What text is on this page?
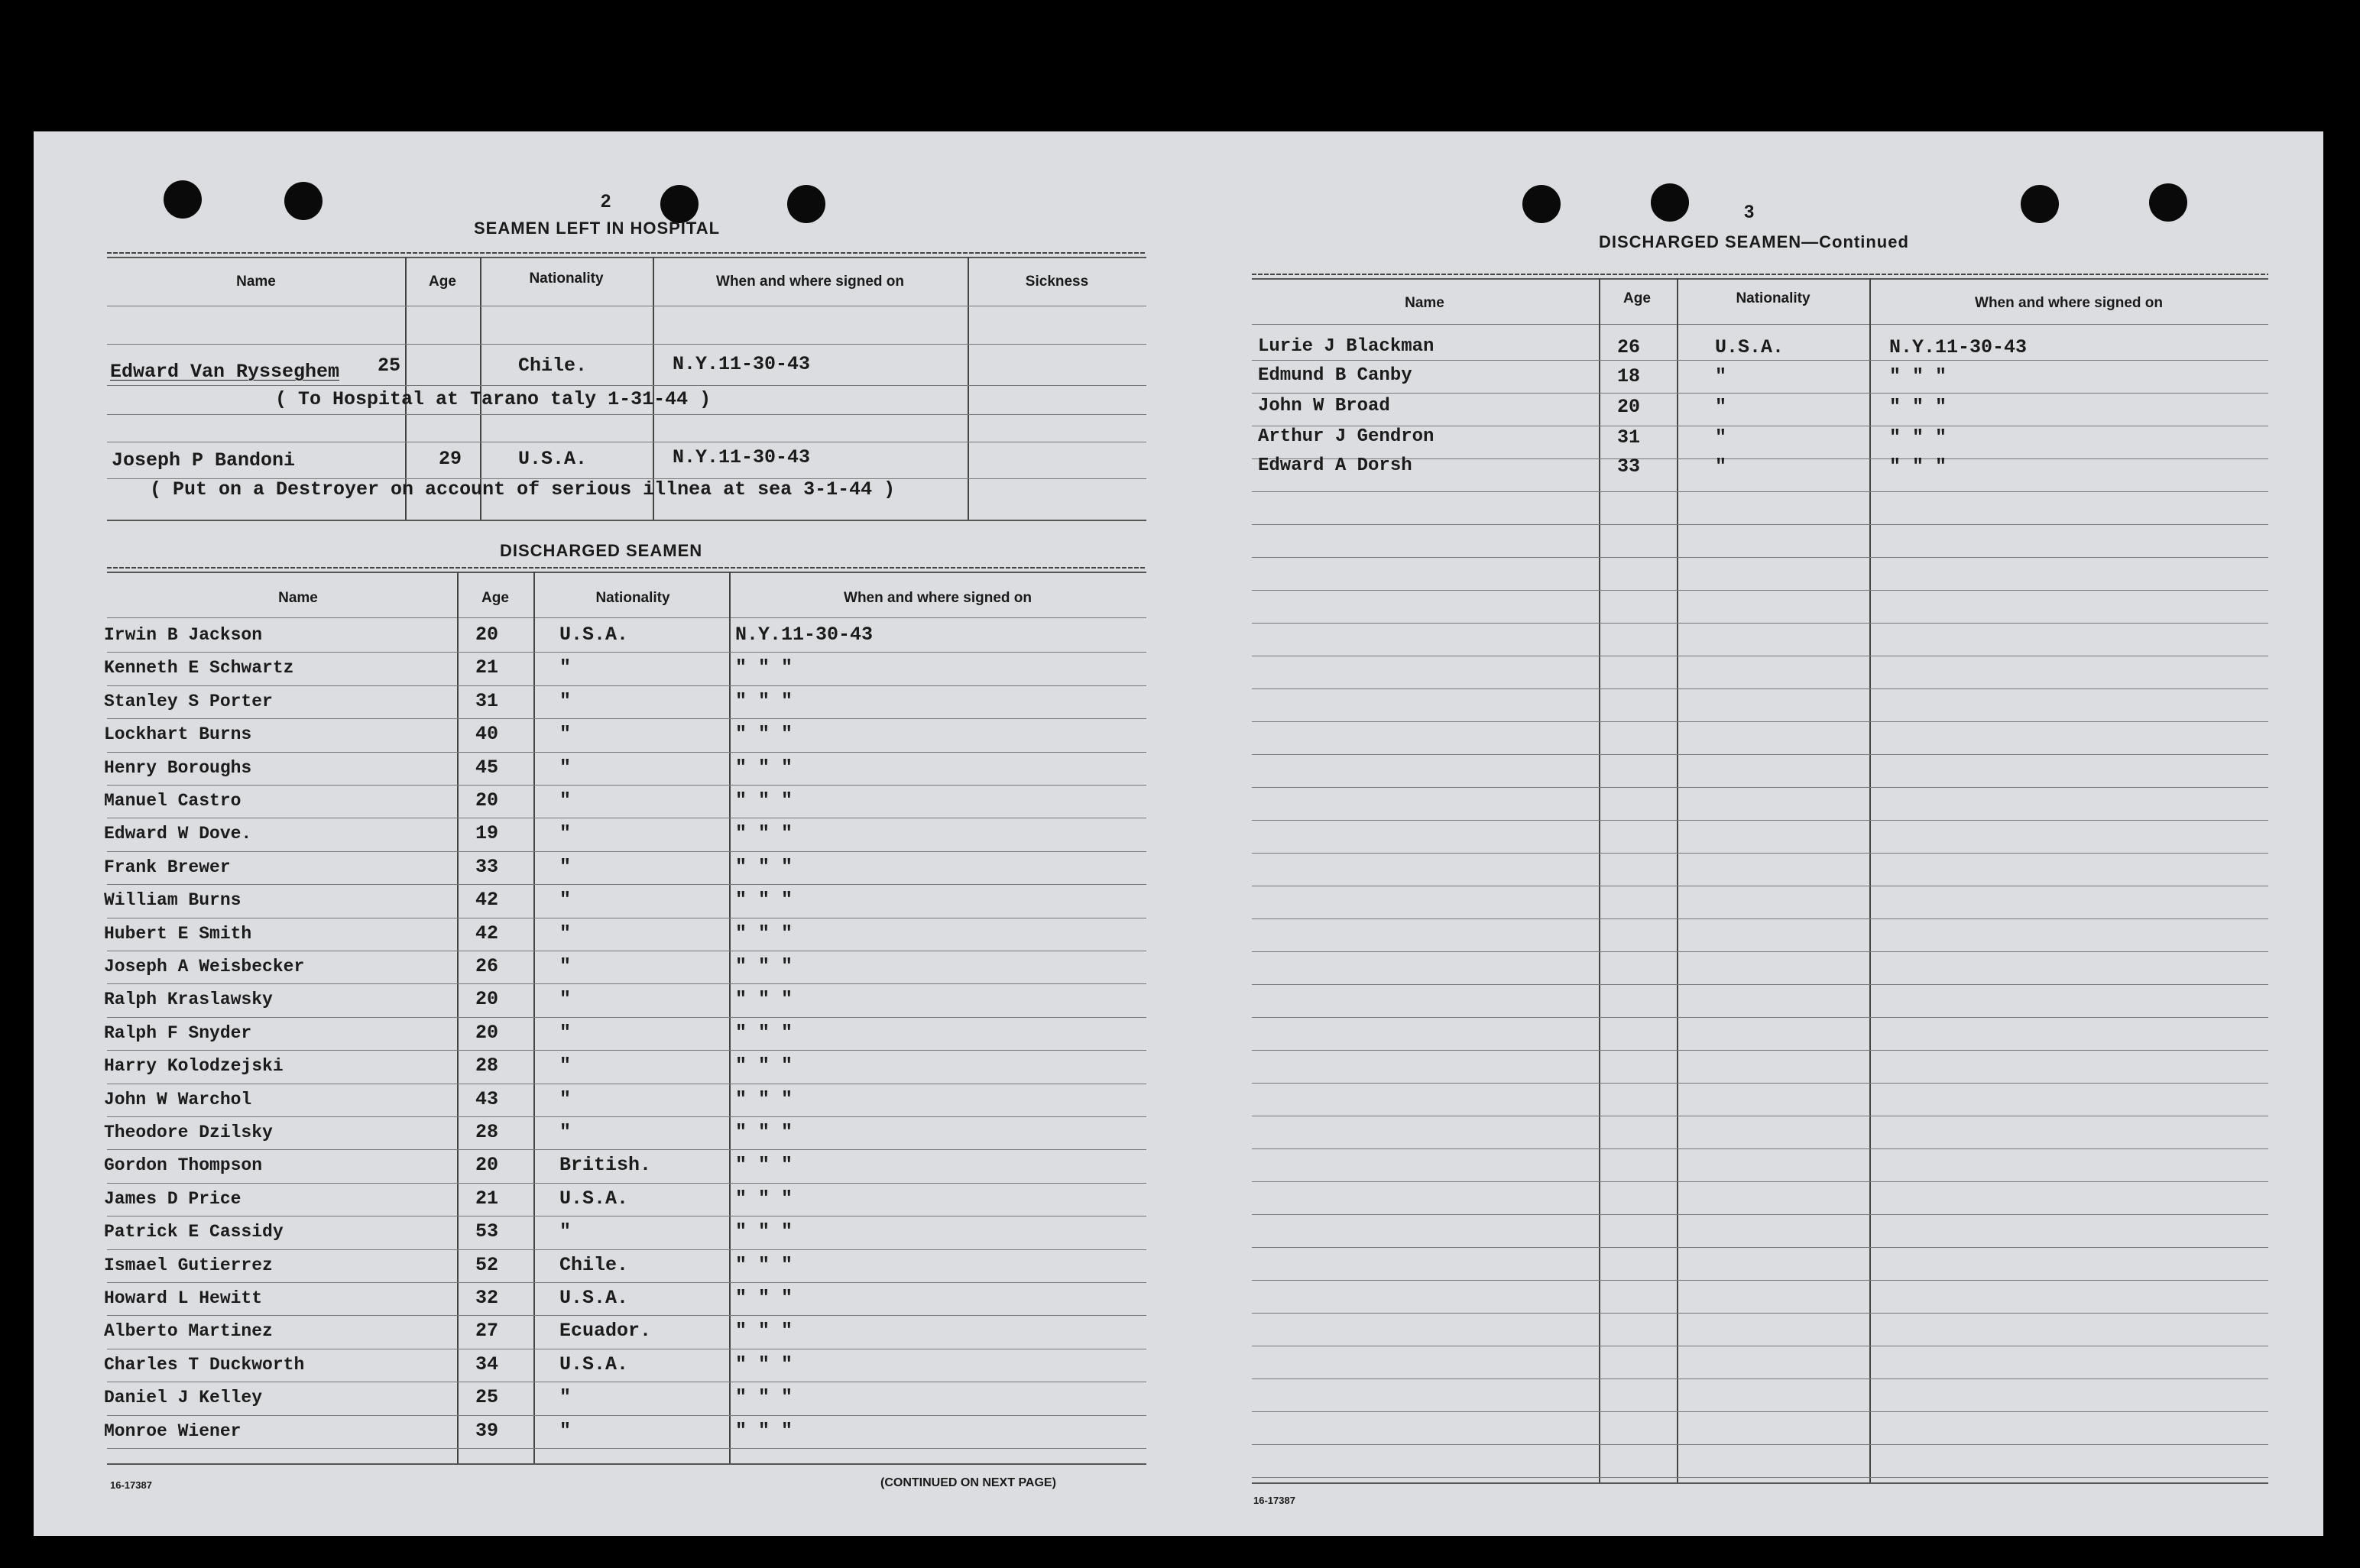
2
SEAMEN LEFT IN HOSPITAL
Name	Age	Nationality	When and where signed on	Sickness
Edward Van Rysseghem 25	Chile.	N.Y.11-30-43
( To Hospital at Tarano taly 1-31-44 )
Joseph P Bandoni	29	U.S.A.	N.Y.11-30-43
( Put on a Destroyer on account of serious illnea at sea 3-1-44 )
DISCHARGED SEAMEN
Name	Age	Nationality	When and where signed on
Irwin B Jackson	20	U.S.A.	N.Y.11-30-43
Kenneth E Schwartz	21	"	" " "
Stanley S Porter	31	"	" " "
Lockhart Burns	40	"	" " "
Henry Boroughs	45	"	" " "
Manuel Castro	20	"	" " "
Edward W Dove.	19	"	" " "
Frank Brewer	33	"	" " "
William Burns	42	"	" " "
Hubert E Smith	42	"	" " "
Joseph A Weisbecker	26	"	" " "
Ralph Kraslawsky	20	"	" " "
Ralph F Snyder	20	"	" " "
Harry Kolodzejski	28	"	" " "
John W Warchol	43	"	" " "
Theodore Dzilsky	28	"	" " "
Gordon Thompson	20	British.	" " "
James D Price	21	U.S.A.	" " "
Patrick E Cassidy	53	"	" " "
Ismael Gutierrez	52	Chile.	" " "
Howard L Hewitt	32	U.S.A.	" " "
Alberto Martinez	27	Ecuador.	" " "
Charles T Duckworth	34	U.S.A.	" " "
Daniel J Kelley	25	"	" " "
Monroe Wiener	39	"	" " "
16-17387	(CONTINUED ON NEXT PAGE)
3
DISCHARGED SEAMEN—Continued
Name	Age	Nationality	When and where signed on
Lurie J Blackman	26	U.S.A.	N.Y.11-30-43
Edmund B Canby	18	"	" " "
John W Broad	20	"	" " "
Arthur J Gendron	31	"	" " "
Edward A Dorsh	33	"	" " "
16-17387
